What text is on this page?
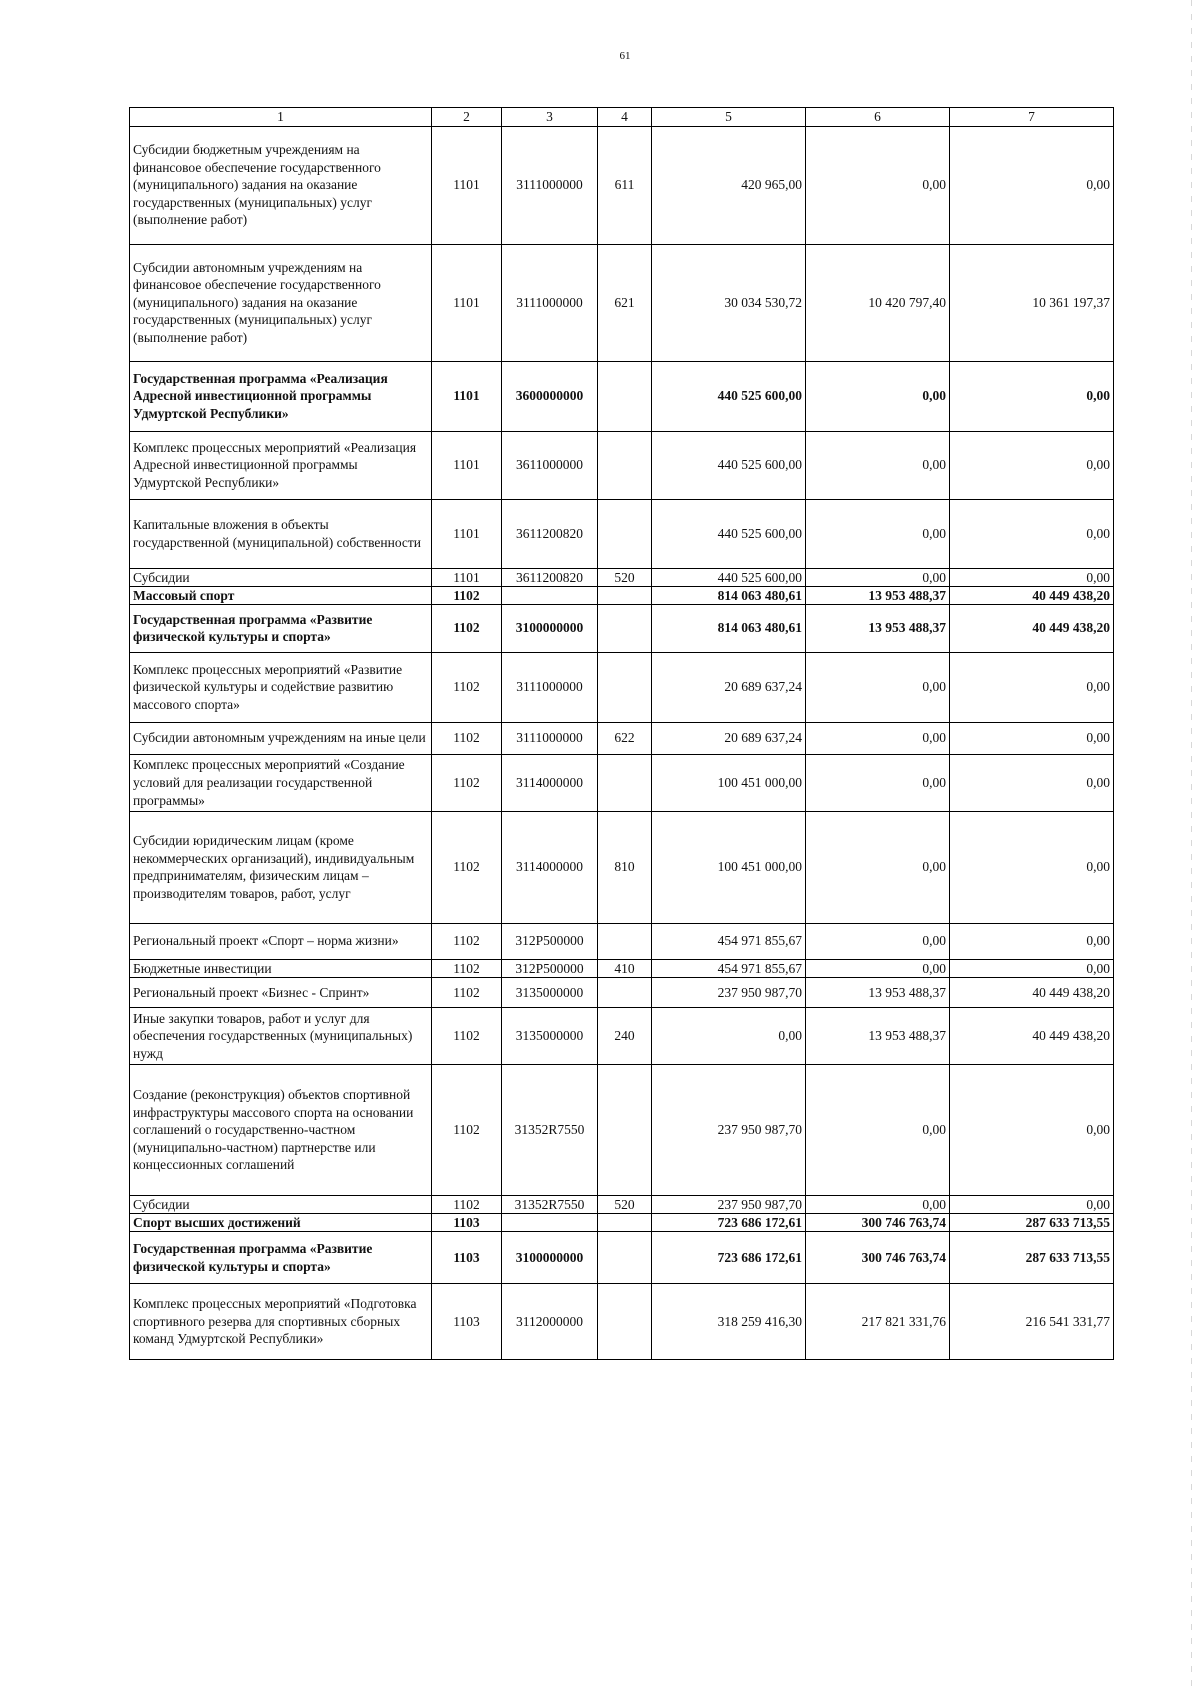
61
1	2	3	4	5	6	7
Субсидии бюджетным учреждениям на финансовое обеспечение государственного (муниципального) задания на оказание государственных (муниципальных) услуг (выполнение работ)	1101	3111000000	611	420 965,00	0,00	0,00
Субсидии автономным учреждениям на финансовое обеспечение государственного (муниципального) задания на оказание государственных (муниципальных) услуг (выполнение работ)	1101	3111000000	621	30 034 530,72	10 420 797,40	10 361 197,37
Государственная программа «Реализация Адресной инвестиционной программы Удмуртской Республики»	1101	3600000000		440 525 600,00	0,00	0,00
Комплекс процессных мероприятий «Реализация Адресной инвестиционной программы Удмуртской Республики»	1101	3611000000		440 525 600,00	0,00	0,00
Капитальные вложения в объекты государственной (муниципальной) собственности	1101	3611200820		440 525 600,00	0,00	0,00
Субсидии	1101	3611200820	520	440 525 600,00	0,00	0,00
Массовый спорт	1102			814 063 480,61	13 953 488,37	40 449 438,20
Государственная программа «Развитие физической культуры и спорта»	1102	3100000000		814 063 480,61	13 953 488,37	40 449 438,20
Комплекс процессных мероприятий «Развитие физической культуры и содействие развитию массового спорта»	1102	3111000000		20 689 637,24	0,00	0,00
Субсидии автономным учреждениям на иные цели	1102	3111000000	622	20 689 637,24	0,00	0,00
Комплекс процессных мероприятий «Создание условий для реализации государственной программы»	1102	3114000000		100 451 000,00	0,00	0,00
Субсидии юридическим лицам (кроме некоммерческих организаций), индивидуальным предпринимателям, физическим лицам – производителям товаров, работ, услуг	1102	3114000000	810	100 451 000,00	0,00	0,00
Региональный проект «Спорт – норма жизни»	1102	312P500000		454 971 855,67	0,00	0,00
Бюджетные инвестиции	1102	312P500000	410	454 971 855,67	0,00	0,00
Региональный проект «Бизнес - Спринт»	1102	3135000000		237 950 987,70	13 953 488,37	40 449 438,20
Иные закупки товаров, работ и услуг для обеспечения государственных (муниципальных) нужд	1102	3135000000	240	0,00	13 953 488,37	40 449 438,20
Создание (реконструкция) объектов спортивной инфраструктуры массового спорта на основании соглашений о государственно-частном (муниципально-частном) партнерстве или концессионных соглашений	1102	31352R7550		237 950 987,70	0,00	0,00
Субсидии	1102	31352R7550	520	237 950 987,70	0,00	0,00
Спорт высших достижений	1103			723 686 172,61	300 746 763,74	287 633 713,55
Государственная программа «Развитие физической культуры и спорта»	1103	3100000000		723 686 172,61	300 746 763,74	287 633 713,55
Комплекс процессных мероприятий «Подготовка спортивного резерва для спортивных сборных команд Удмуртской Республики»	1103	3112000000		318 259 416,30	217 821 331,76	216 541 331,77
